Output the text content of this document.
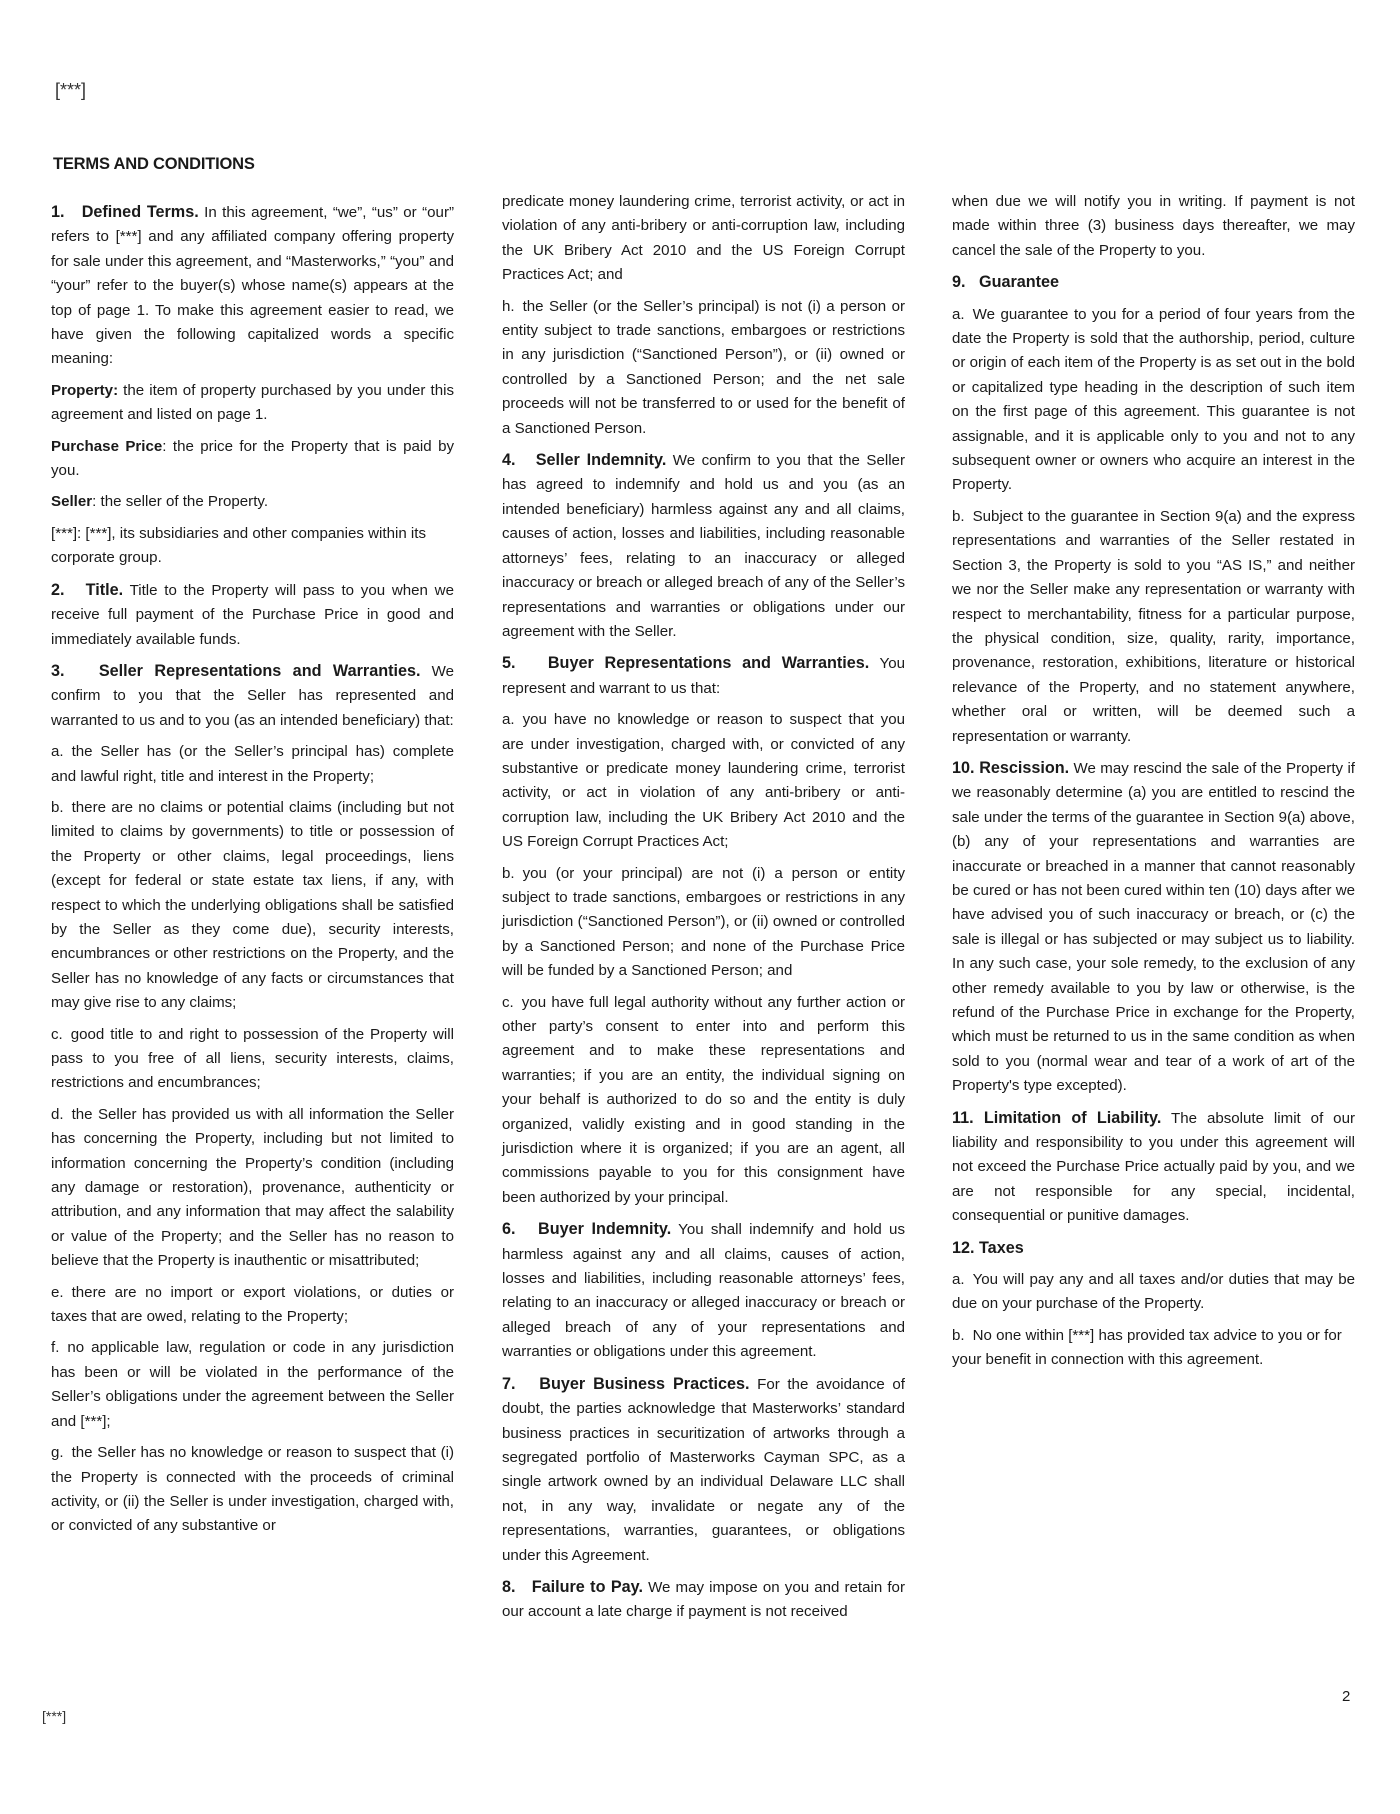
[***]
TERMS AND CONDITIONS

1.   Defined Terms. In this agreement, “we”, “us” or “our” refers to [***] and any affiliated company offering property for sale under this agreement, and “Masterworks,” “you” and “your” refer to the buyer(s) whose name(s) appears at the top of page 1. To make this agreement easier to read, we have given the following capitalized words a specific meaning:

Property: the item of property purchased by you under this agreement and listed on page 1.

Purchase Price: the price for the Property that is paid by you.

Seller: the seller of the Property.

[***]: [***], its subsidiaries and other companies within its corporate group.

2.   Title. Title to the Property will pass to you when we receive full payment of the Purchase Price in good and immediately available funds.

3.   Seller Representations and Warranties. We confirm to you that the Seller has represented and warranted to us and to you (as an intended beneficiary) that:

a. the Seller has (or the Seller’s principal has) complete and lawful right, title and interest in the Property;

b. there are no claims or potential claims (including but not limited to claims by governments) to title or possession of the Property or other claims, legal proceedings, liens (except for federal or state estate tax liens, if any, with respect to which the underlying obligations shall be satisfied by the Seller as they come due), security interests, encumbrances or other restrictions on the Property, and the Seller has no knowledge of any facts or circumstances that may give rise to any claims;

c. good title to and right to possession of the Property will pass to you free of all liens, security interests, claims, restrictions and encumbrances;

d. the Seller has provided us with all information the Seller has concerning the Property, including but not limited to information concerning the Property’s condition (including any damage or restoration), provenance, authenticity or attribution, and any information that may affect the salability or value of the Property; and the Seller has no reason to believe that the Property is inauthentic or misattributed;

e. there are no import or export violations, or duties or taxes that are owed, relating to the Property;

f. no applicable law, regulation or code in any jurisdiction has been or will be violated in the performance of the Seller’s obligations under the agreement between the Seller and [***];

g. the Seller has no knowledge or reason to suspect that (i) the Property is connected with the proceeds of criminal activity, or (ii) the Seller is under investigation, charged with, or convicted of any substantive or

predicate money laundering crime, terrorist activity, or act in violation of any anti-bribery or anti-corruption law, including the UK Bribery Act 2010 and the US Foreign Corrupt Practices Act; and

h. the Seller (or the Seller’s principal) is not (i) a person or entity subject to trade sanctions, embargoes or restrictions in any jurisdiction (“Sanctioned Person”), or (ii) owned or controlled by a Sanctioned Person; and the net sale proceeds will not be transferred to or used for the benefit of a Sanctioned Person.

4.   Seller Indemnity. We confirm to you that the Seller has agreed to indemnify and hold us and you (as an intended beneficiary) harmless against any and all claims, causes of action, losses and liabilities, including reasonable attorneys’ fees, relating to an inaccuracy or alleged inaccuracy or breach or alleged breach of any of the Seller’s representations and warranties or obligations under our agreement with the Seller.

5.   Buyer Representations and Warranties. You represent and warrant to us that:

a. you have no knowledge or reason to suspect that you are under investigation, charged with, or convicted of any substantive or predicate money laundering crime, terrorist activity, or act in violation of any anti-bribery or anti-corruption law, including the UK Bribery Act 2010 and the US Foreign Corrupt Practices Act;

b. you (or your principal) are not (i) a person or entity subject to trade sanctions, embargoes or restrictions in any jurisdiction (“Sanctioned Person”), or (ii) owned or controlled by a Sanctioned Person; and none of the Purchase Price will be funded by a Sanctioned Person; and

c. you have full legal authority without any further action or other party’s consent to enter into and perform this agreement and to make these representations and warranties; if you are an entity, the individual signing on your behalf is authorized to do so and the entity is duly organized, validly existing and in good standing in the jurisdiction where it is organized; if you are an agent, all commissions payable to you for this consignment have been authorized by your principal.

6.   Buyer Indemnity. You shall indemnify and hold us harmless against any and all claims, causes of action, losses and liabilities, including reasonable attorneys’ fees, relating to an inaccuracy or alleged inaccuracy or breach or alleged breach of any of your representations and warranties or obligations under this agreement.

7.   Buyer Business Practices. For the avoidance of doubt, the parties acknowledge that Masterworks’ standard business practices in securitization of artworks through a segregated portfolio of Masterworks Cayman SPC, as a single artwork owned by an individual Delaware LLC shall not, in any way, invalidate or negate any of the representations, warranties, guarantees, or obligations under this Agreement.

8.   Failure to Pay. We may impose on you and retain for our account a late charge if payment is not received

when due we will notify you in writing. If payment is not made within three (3) business days thereafter, we may cancel the sale of the Property to you.

9.   Guarantee

a. We guarantee to you for a period of four years from the date the Property is sold that the authorship, period, culture or origin of each item of the Property is as set out in the bold or capitalized type heading in the description of such item on the first page of this agreement. This guarantee is not assignable, and it is applicable only to you and not to any subsequent owner or owners who acquire an interest in the Property.

b. Subject to the guarantee in Section 9(a) and the express representations and warranties of the Seller restated in Section 3, the Property is sold to you “AS IS,” and neither we nor the Seller make any representation or warranty with respect to merchantability, fitness for a particular purpose, the physical condition, size, quality, rarity, importance, provenance, restoration, exhibitions, literature or historical relevance of the Property, and no statement anywhere, whether oral or written, will be deemed such a representation or warranty.

10. Rescission. We may rescind the sale of the Property if we reasonably determine (a) you are entitled to rescind the sale under the terms of the guarantee in Section 9(a) above, (b) any of your representations and warranties are inaccurate or breached in a manner that cannot reasonably be cured or has not been cured within ten (10) days after we have advised you of such inaccuracy or breach, or (c) the sale is illegal or has subjected or may subject us to liability. In any such case, your sole remedy, to the exclusion of any other remedy available to you by law or otherwise, is the refund of the Purchase Price in exchange for the Property, which must be returned to us in the same condition as when sold to you (normal wear and tear of a work of art of the Property's type excepted).

11. Limitation of Liability. The absolute limit of our liability and responsibility to you under this agreement will not exceed the Purchase Price actually paid by you, and we are not responsible for any special, incidental, consequential or punitive damages.

12. Taxes

a. You will pay any and all taxes and/or duties that may be due on your purchase of the Property.

b. No one within [***] has provided tax advice to you or for your benefit in connection with this agreement.

2
[***]
